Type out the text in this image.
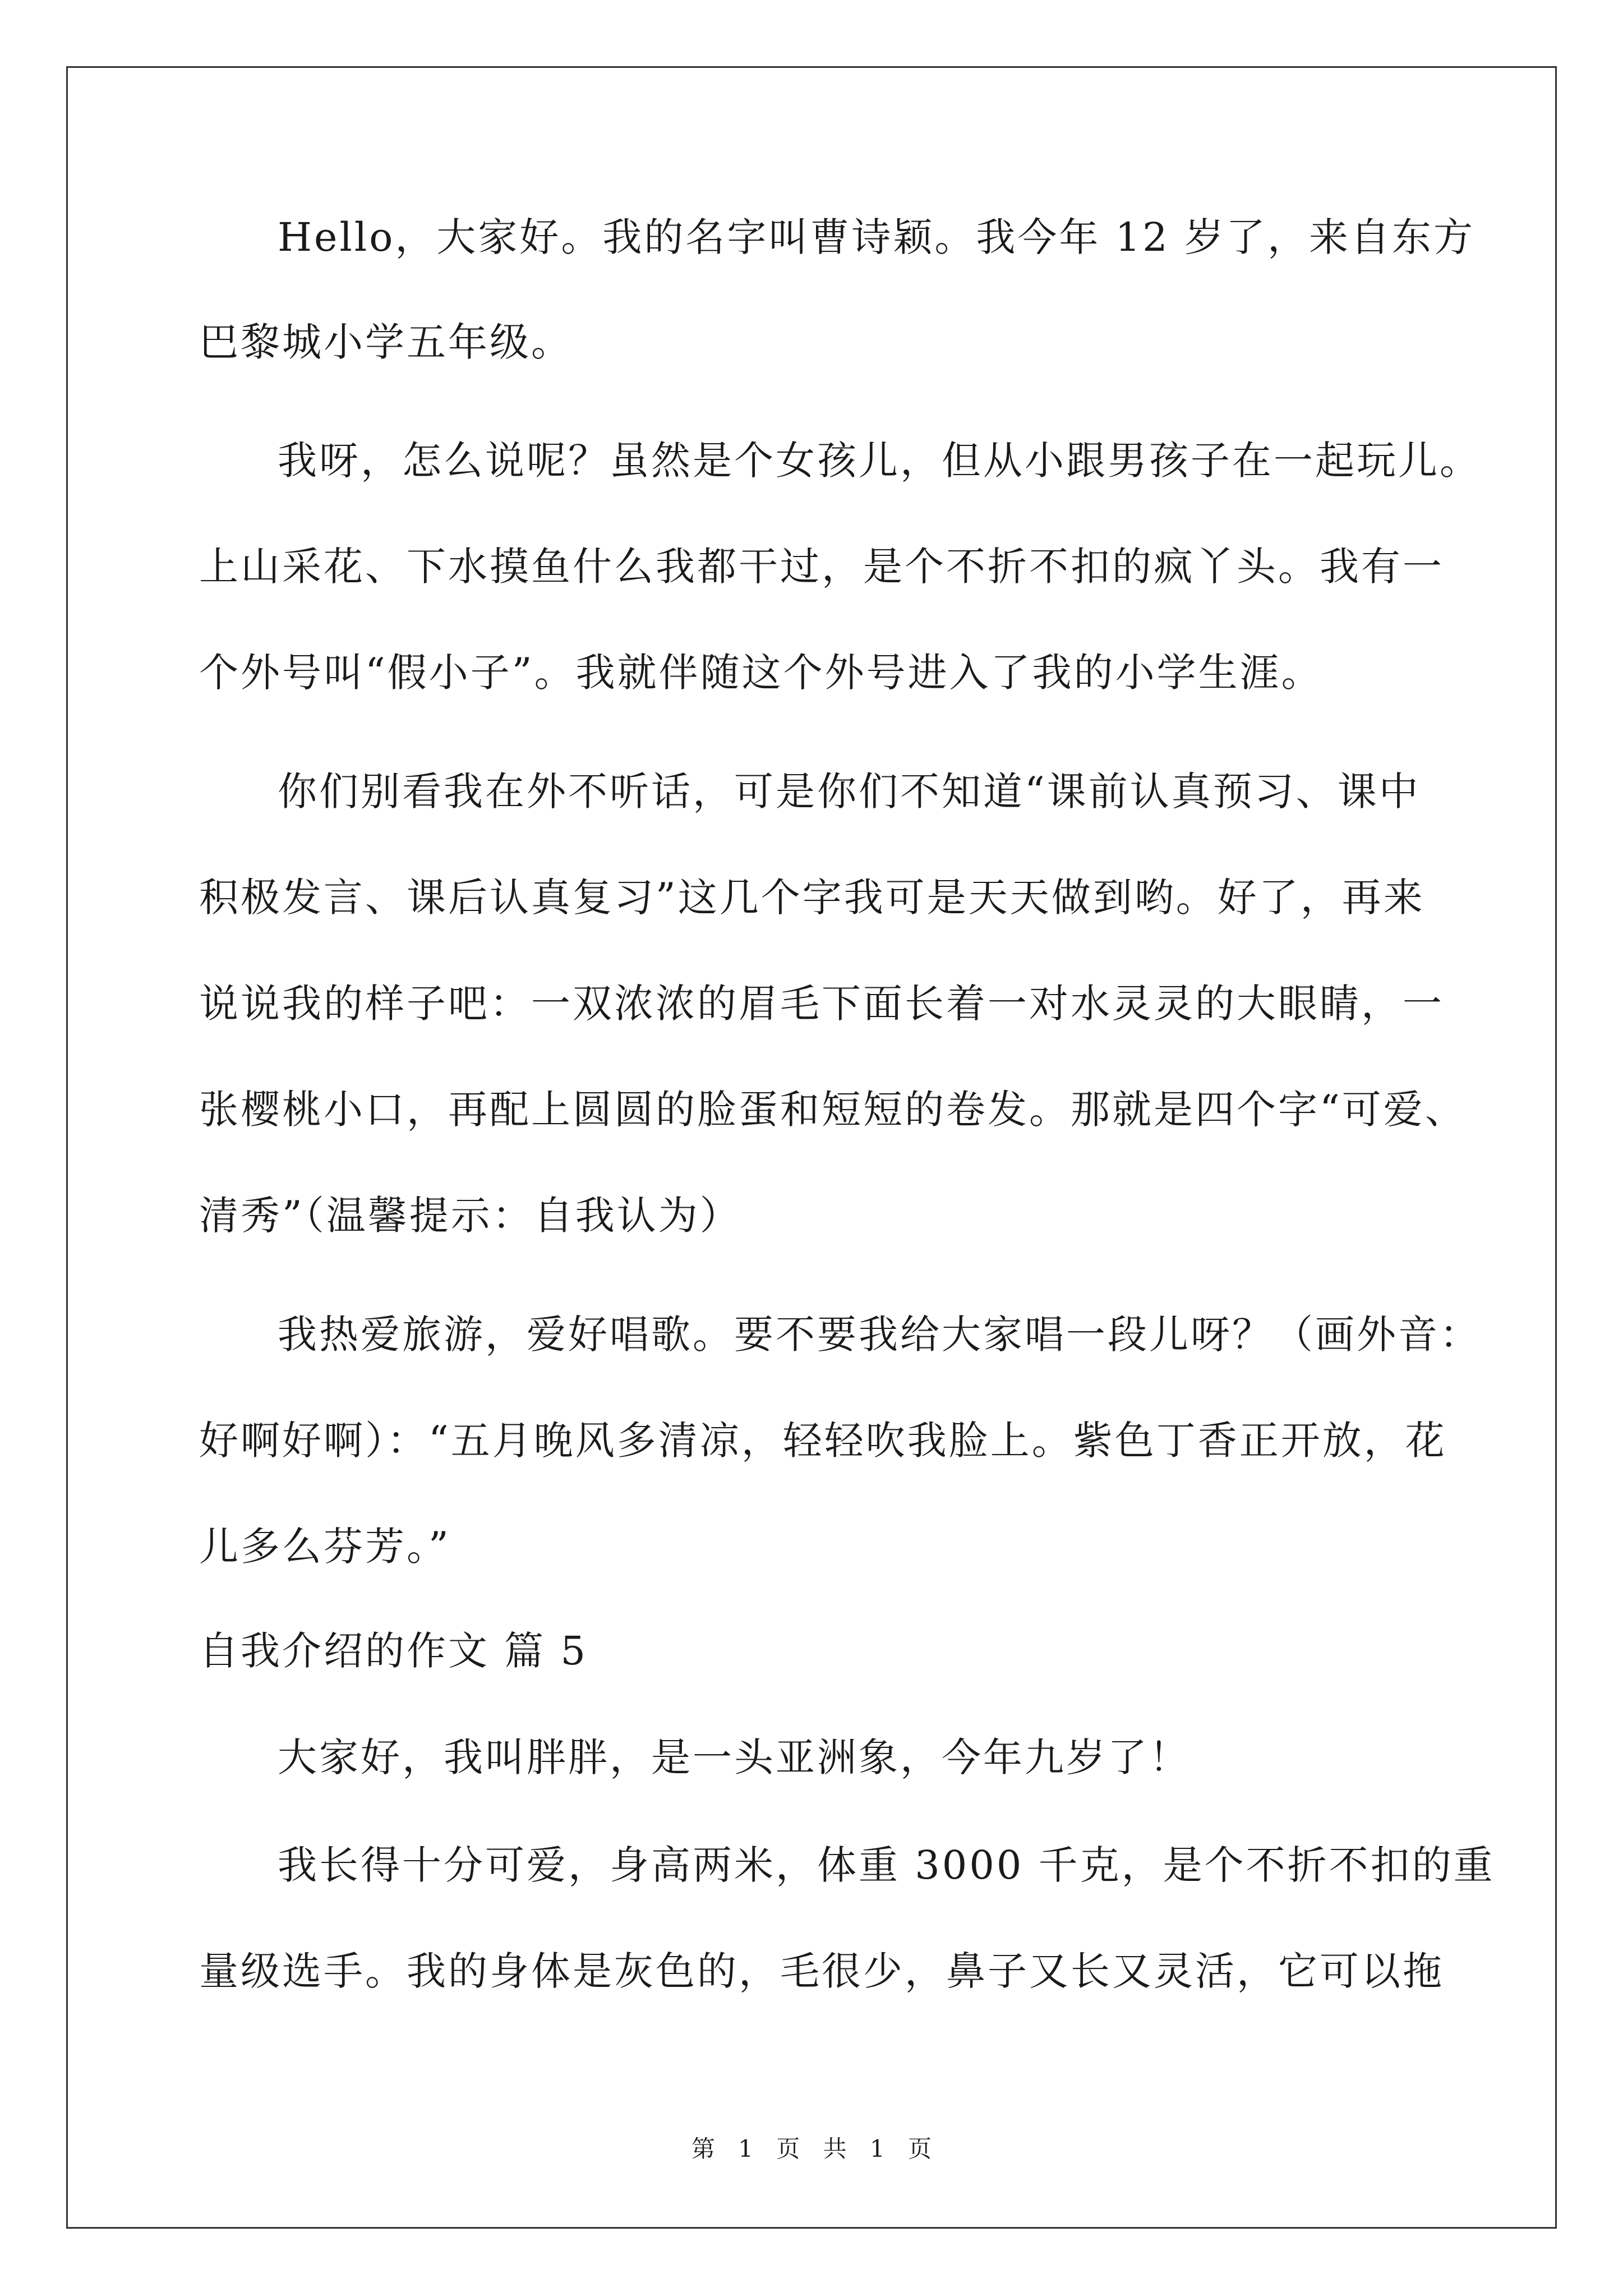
Hello，大家好。我的名字叫曹诗颖。我今年 12 岁了，来自东方
巴黎城小学五年级。
我呀，怎么说呢？虽然是个女孩儿，但从小跟男孩子在一起玩儿。
上山采花、下水摸鱼什么我都干过，是个不折不扣的疯丫头。我有一
个外号叫“假小子”。我就伴随这个外号进入了我的小学生涯。
你们别看我在外不听话，可是你们不知道“课前认真预习、课中
积极发言、课后认真复习”这几个字我可是天天做到哟。好了，再来
说说我的样子吧：一双浓浓的眉毛下面长着一对水灵灵的大眼睛，一
张樱桃小口，再配上圆圆的脸蛋和短短的卷发。那就是四个字“可爱、
清秀”（温馨提示：自我认为）
我热爱旅游，爱好唱歌。要不要我给大家唱一段儿呀？（画外音：
好啊好啊）：“五月晚风多清凉，轻轻吹我脸上。紫色丁香正开放，花
儿多么芬芳。”
自我介绍的作文 篇 5
大家好，我叫胖胖，是一头亚洲象，今年九岁了！
我长得十分可爱，身高两米，体重 3000 千克，是个不折不扣的重
量级选手。我的身体是灰色的，毛很少，鼻子又长又灵活，它可以拖
第 1 页 共 1 页
